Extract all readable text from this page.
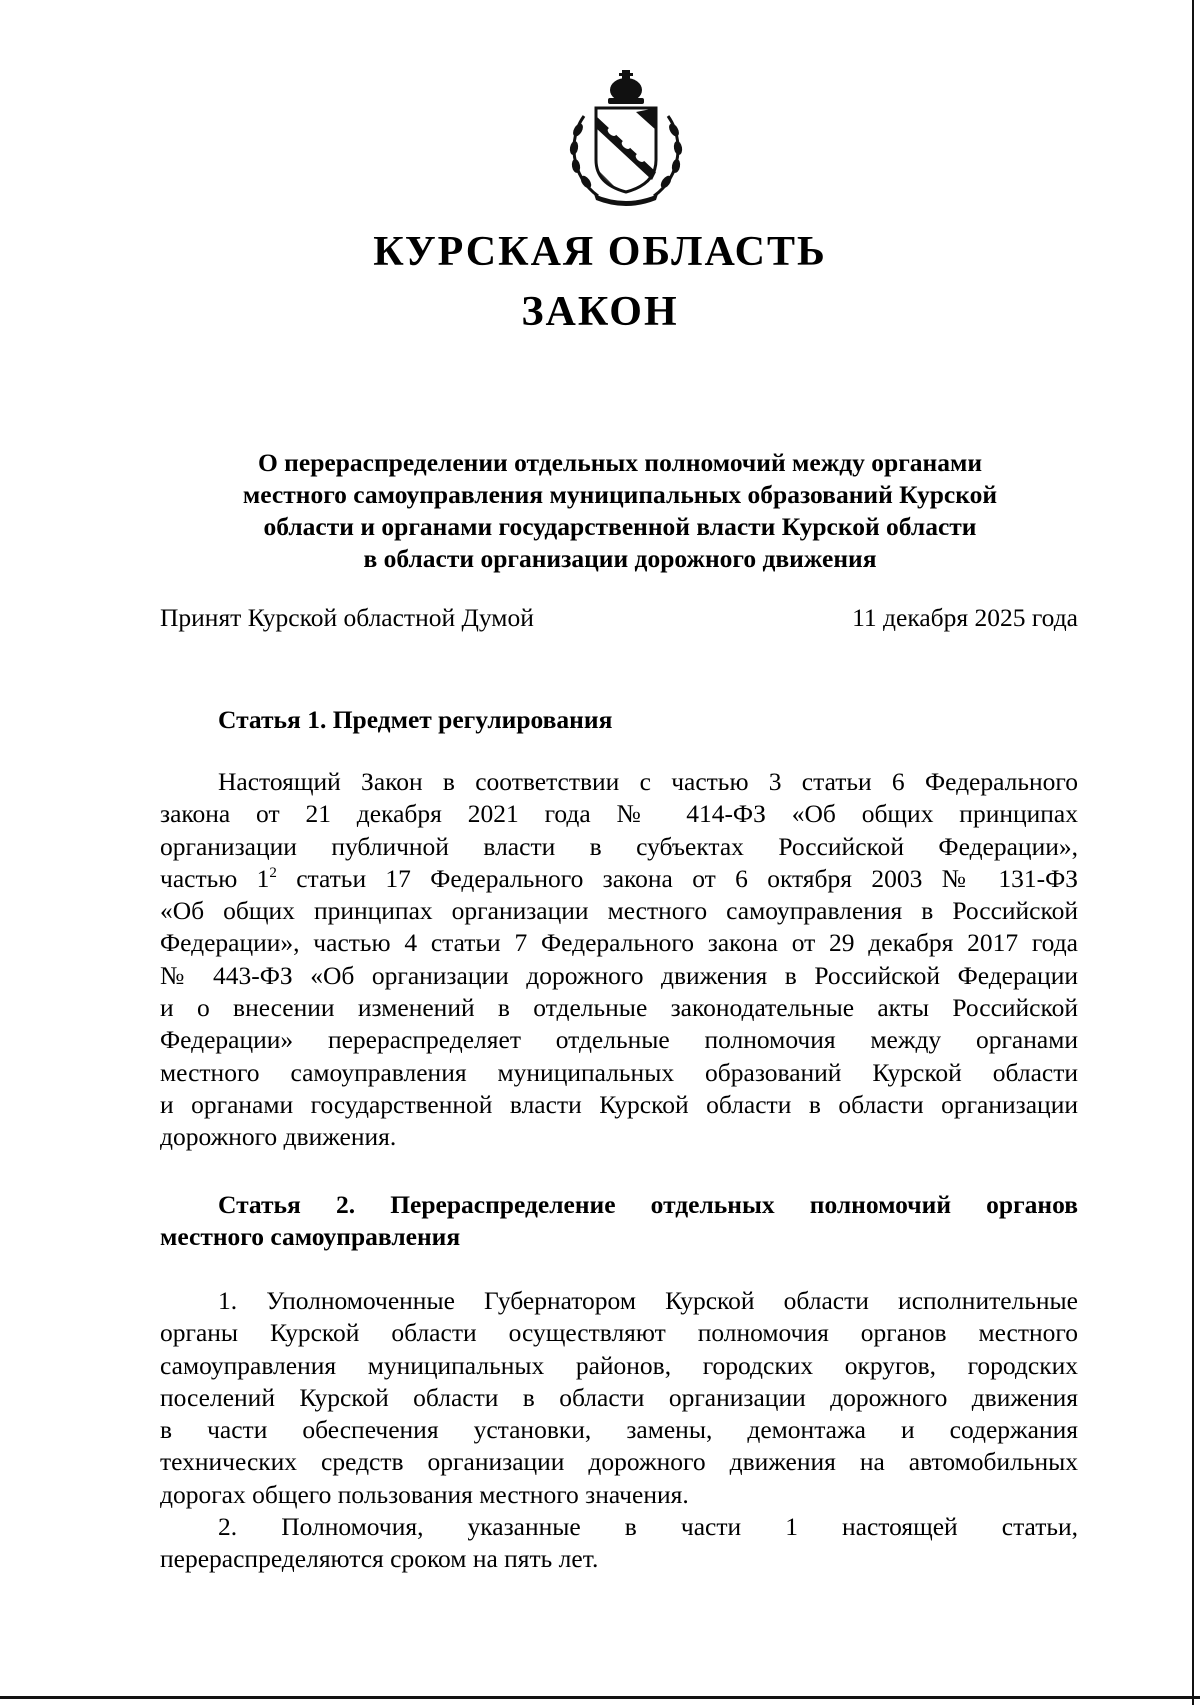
КУРСКАЯ ОБЛАСТЬ
ЗАКОН
О перераспределении отдельных полномочий между органами
местного самоуправления муниципальных образований Курской
области и органами государственной власти Курской области
в области организации дорожного движения
Принят Курской областной Думой	11 декабря 2025 года
Статья 1. Предмет регулирования
Настоящий Закон в соответствии с частью 3 статьи 6 Федерального
закона от 21 декабря 2021 года № 414-ФЗ «Об общих принципах
организации публичной власти в субъектах Российской Федерации»,
частью $1^2$ статьи 17 Федерального закона от 6 октября 2003 № 131-ФЗ
«Об общих принципах организации местного самоуправления в Российской
Федерации», частью 4 статьи 7 Федерального закона от 29 декабря 2017 года
№ 443-ФЗ «Об организации дорожного движения в Российской Федерации
и о внесении изменений в отдельные законодательные акты Российской
Федерации» перераспределяет отдельные полномочия между органами
местного самоуправления муниципальных образований Курской области
и органами государственной власти Курской области в области организации
дорожного движения.
Статья 2. Перераспределение отдельных полномочий органов
местного самоуправления
1. Уполномоченные Губернатором Курской области исполнительные
органы Курской области осуществляют полномочия органов местного
самоуправления муниципальных районов, городских округов, городских
поселений Курской области в области организации дорожного движения
в части обеспечения установки, замены, демонтажа и содержания
технических средств организации дорожного движения на автомобильных
дорогах общего пользования местного значения.
2. Полномочия, указанные в части 1 настоящей статьи,
перераспределяются сроком на пять лет.
